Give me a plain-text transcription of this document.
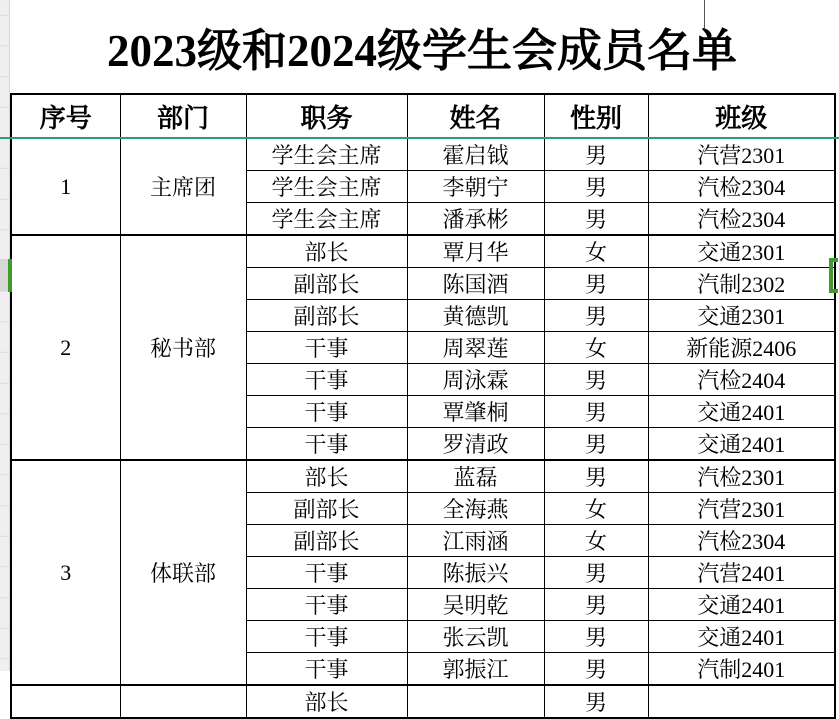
2023级和2024级学生会成员名单
序号	部门	职务	姓名	性别	班级
1	主席团	学生会主席	霍启钺	男	汽营2301
		学生会主席	李朝宁	男	汽检2304
		学生会主席	潘承彬	男	汽检2304
2	秘书部	部长	覃月华	女	交通2301
		副部长	陈国酒	男	汽制2302
		副部长	黄德凯	男	交通2301
		干事	周翠莲	女	新能源2406
		干事	周泳霖	男	汽检2404
		干事	覃肇桐	男	交通2401
		干事	罗清政	男	交通2401
3	体联部	部长	蓝磊	男	汽检2301
		副部长	全海燕	女	汽营2301
		副部长	江雨涵	女	汽检2304
		干事	陈振兴	男	汽营2401
		干事	吴明乾	男	交通2401
		干事	张云凯	男	交通2401
		干事	郭振江	男	汽制2401
		部长		男	
